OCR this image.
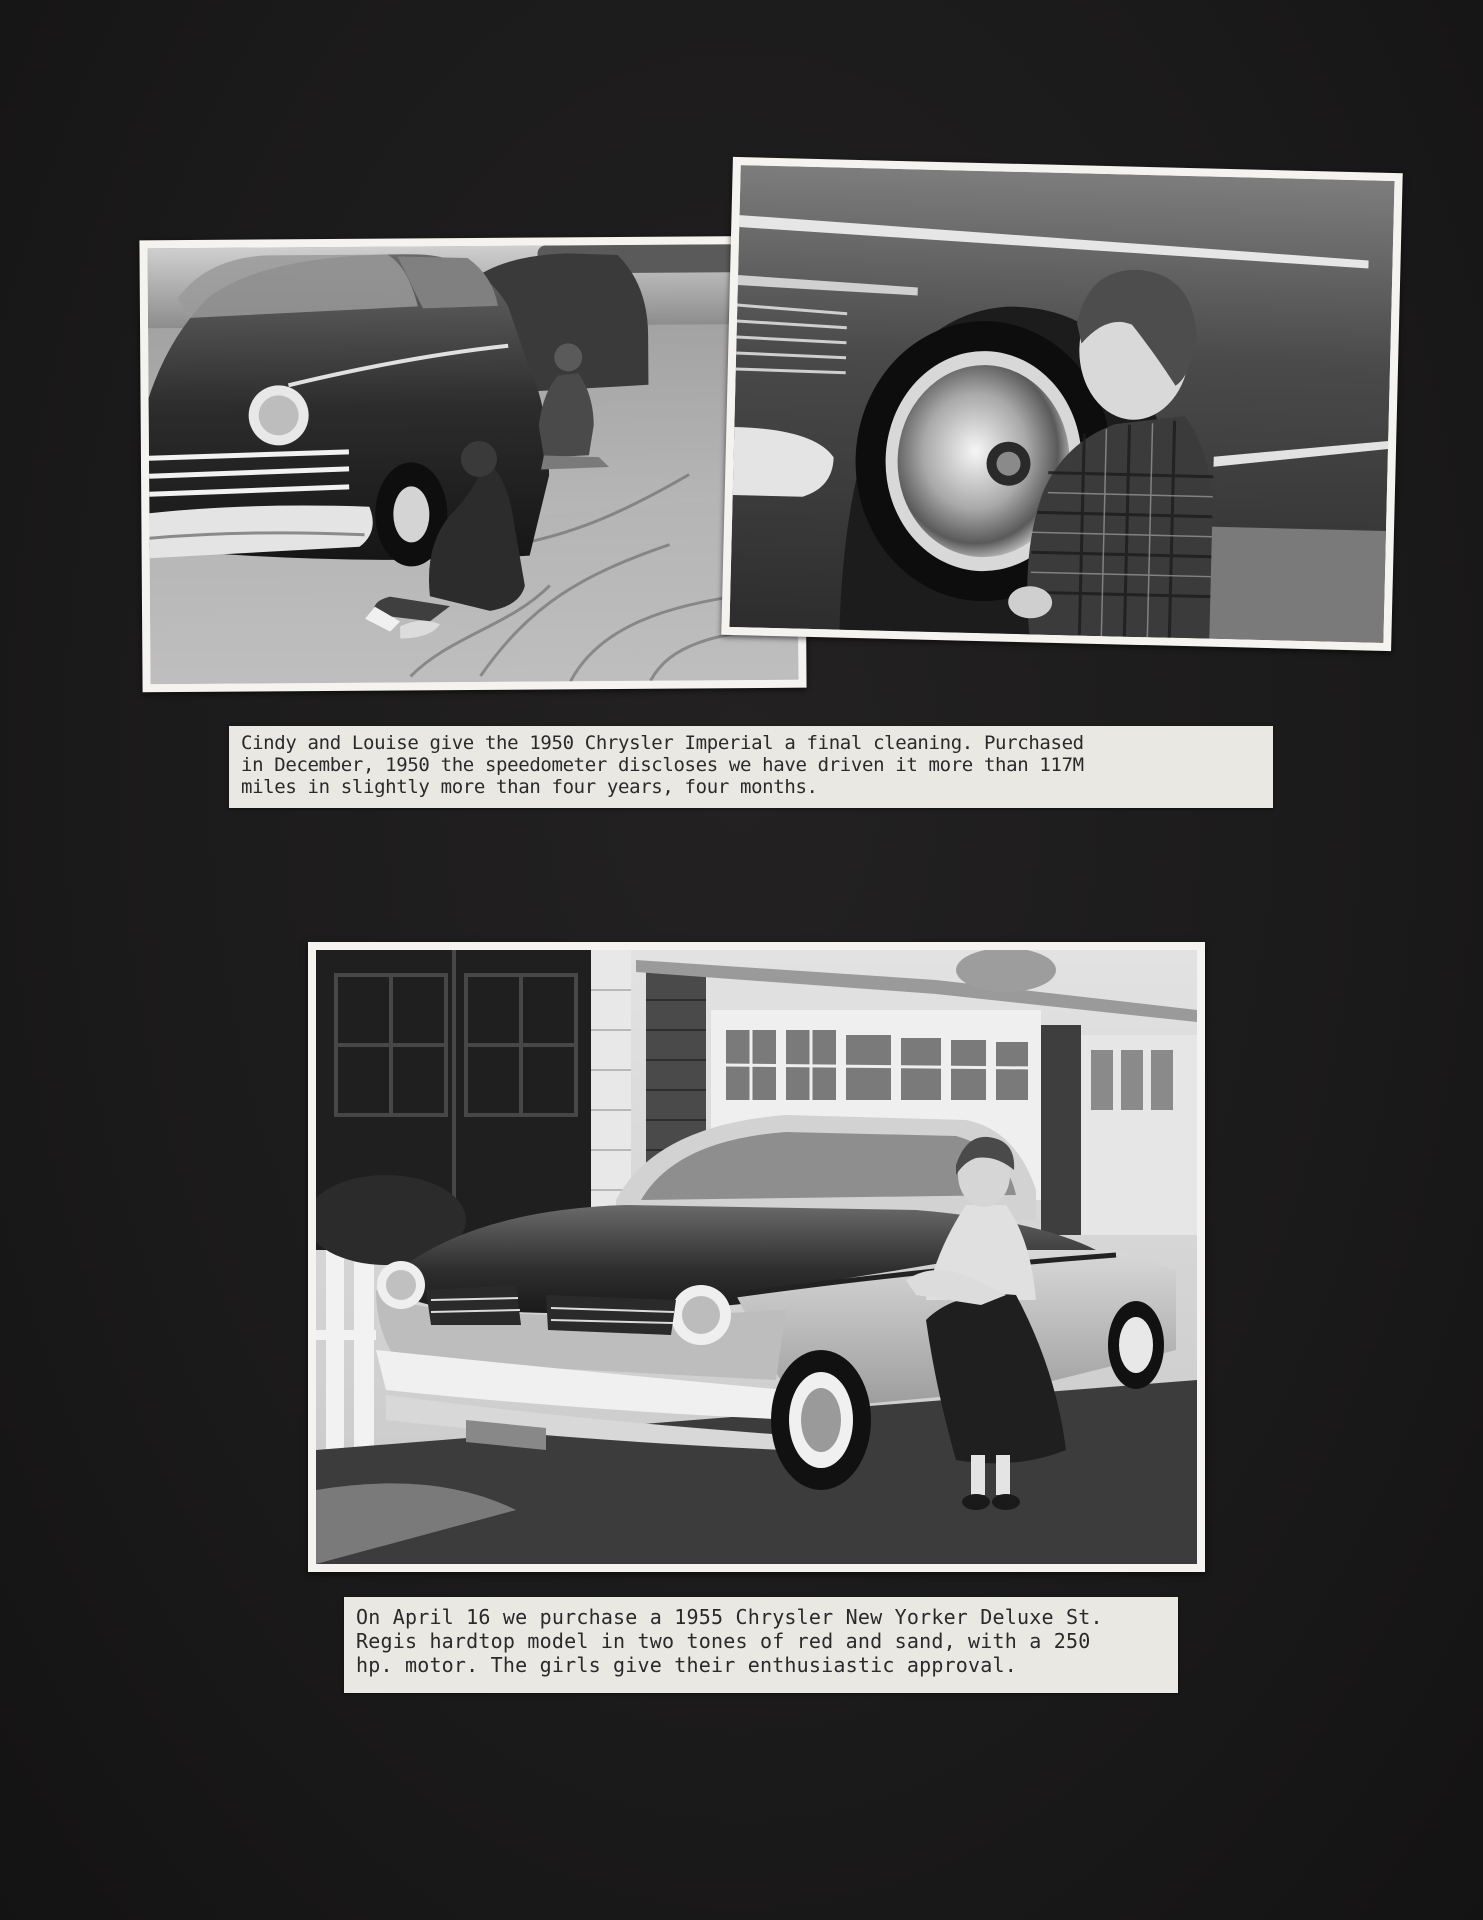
Cindy and Louise give the 1950 Chrysler Imperial a final cleaning. Purchased

in December, 1950 the speedometer discloses we have driven it more than 117M

miles in slightly more than four years, four months.

On April 16 we purchase a 1955 Chrysler New Yorker Deluxe St.

Regis hardtop model in two tones of red and sand, with a 250

hp. motor. The girls give their enthusiastic approval.
